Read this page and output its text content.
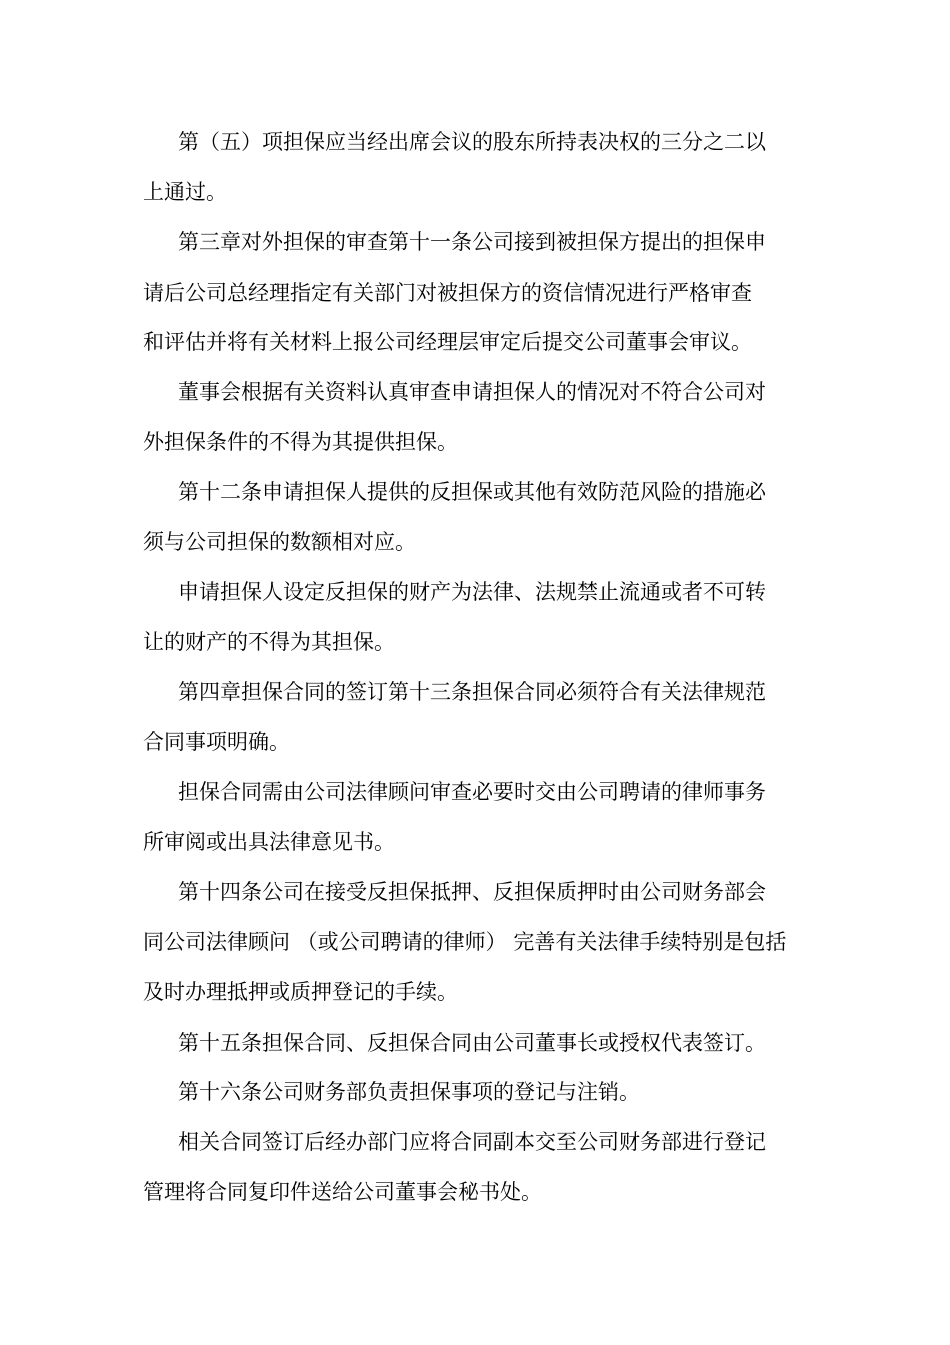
第（五）项担保应当经出席会议的股东所持表决权的三分之二以
上通过。
第三章对外担保的审查第十一条公司接到被担保方提出的担保申
请后公司总经理指定有关部门对被担保方的资信情况进行严格审查
和评估并将有关材料上报公司经理层审定后提交公司董事会审议。
董事会根据有关资料认真审查申请担保人的情况对不符合公司对
外担保条件的不得为其提供担保。
第十二条申请担保人提供的反担保或其他有效防范风险的措施必
须与公司担保的数额相对应。
申请担保人设定反担保的财产为法律、法规禁止流通或者不可转
让的财产的不得为其担保。
第四章担保合同的签订第十三条担保合同必须符合有关法律规范
合同事项明确。
担保合同需由公司法律顾问审查必要时交由公司聘请的律师事务
所审阅或出具法律意见书。
第十四条公司在接受反担保抵押、反担保质押时由公司财务部会
同公司法律顾问 （或公司聘请的律师） 完善有关法律手续特别是包括
及时办理抵押或质押登记的手续。
第十五条担保合同、反担保合同由公司董事长或授权代表签订。
第十六条公司财务部负责担保事项的登记与注销。
相关合同签订后经办部门应将合同副本交至公司财务部进行登记
管理将合同复印件送给公司董事会秘书处。
